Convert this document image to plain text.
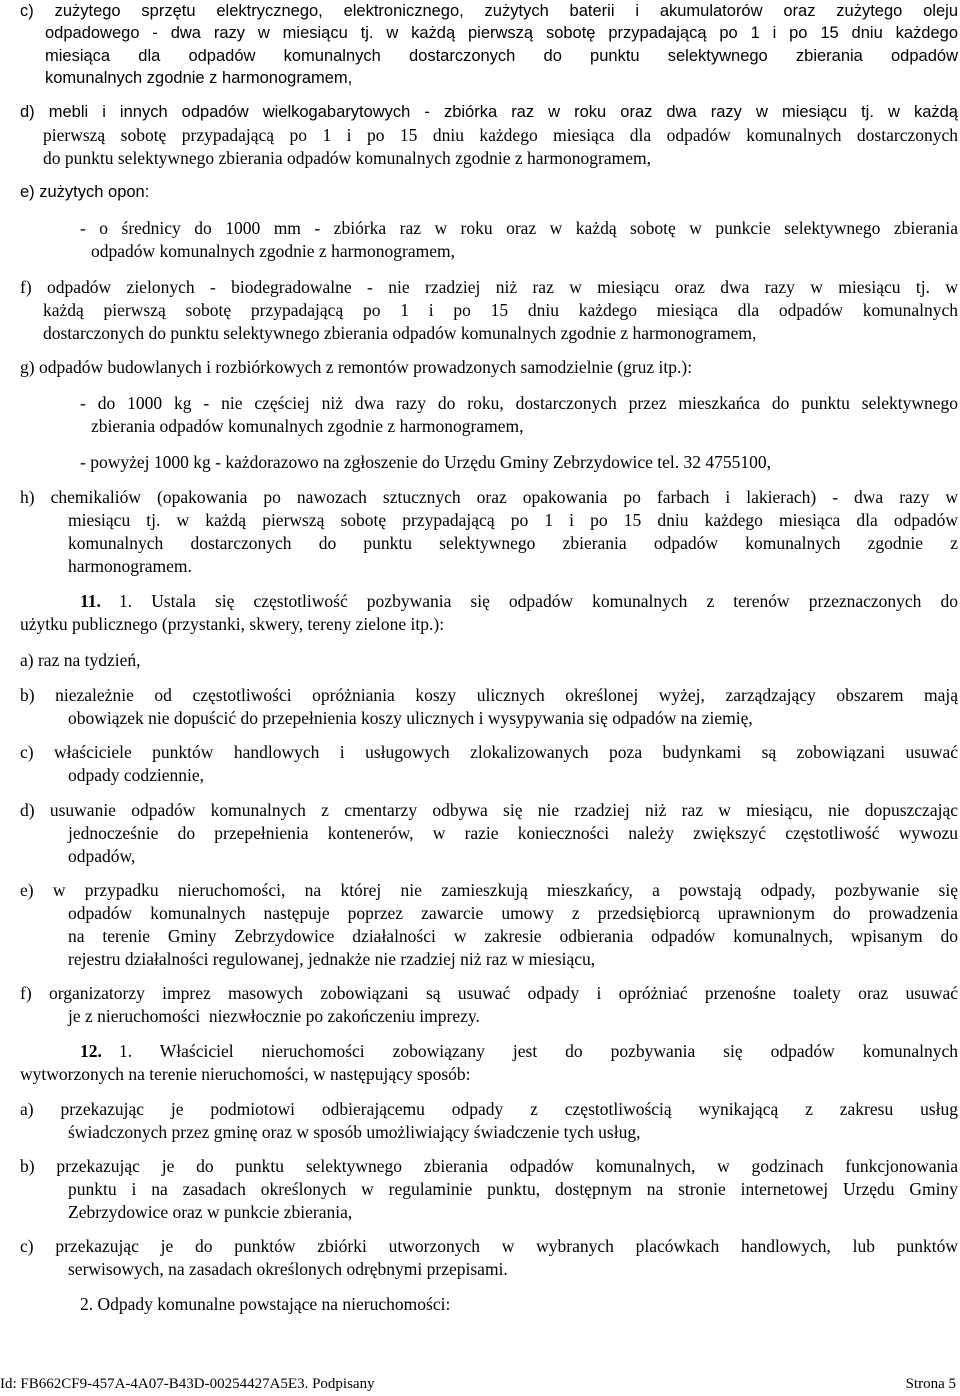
c) zużytego sprzętu elektrycznego, elektronicznego, zużytych baterii i akumulatorów oraz zużytego oleju
odpadowego - dwa razy w miesiącu tj. w każdą pierwszą sobotę przypadającą po 1 i po 15 dniu każdego
miesiąca dla odpadów komunalnych dostarczonych do punktu selektywnego zbierania odpadów
komunalnych zgodnie z harmonogramem,
d) mebli i innych odpadów wielkogabarytowych - zbiórka raz w roku oraz dwa razy w miesiącu tj. w każdą
pierwszą sobotę przypadającą po 1 i po 15 dniu każdego miesiąca dla odpadów komunalnych dostarczonych
do punktu selektywnego zbierania odpadów komunalnych zgodnie z harmonogramem,
e) zużytych opon:
- o średnicy do 1000 mm - zbiórka raz w roku oraz w każdą sobotę w punkcie selektywnego zbierania
odpadów komunalnych zgodnie z harmonogramem,
f) odpadów zielonych - biodegradowalne - nie rzadziej niż raz w miesiącu oraz dwa razy w miesiącu tj. w
każdą pierwszą sobotę przypadającą po 1 i po 15 dniu każdego miesiąca dla odpadów komunalnych
dostarczonych do punktu selektywnego zbierania odpadów komunalnych zgodnie z harmonogramem,
g) odpadów budowlanych i rozbiórkowych z remontów prowadzonych samodzielnie (gruz itp.):
- do 1000 kg - nie częściej niż dwa razy do roku, dostarczonych przez mieszkańca do punktu selektywnego
zbierania odpadów komunalnych zgodnie z harmonogramem,
- powyżej 1000 kg - każdorazowo na zgłoszenie do Urzędu Gminy Zebrzydowice tel. 32 4755100,
h) chemikaliów (opakowania po nawozach sztucznych oraz opakowania po farbach i lakierach) - dwa razy w
miesiącu tj. w każdą pierwszą sobotę przypadającą po 1 i po 15 dniu każdego miesiąca dla odpadów
komunalnych dostarczonych do punktu selektywnego zbierania odpadów komunalnych zgodnie z
harmonogramem.
11. 1. Ustala się częstotliwość pozbywania się odpadów komunalnych z terenów przeznaczonych do
użytku publicznego (przystanki, skwery, tereny zielone itp.):
a) raz na tydzień,
b) niezależnie od częstotliwości opróżniania koszy ulicznych określonej wyżej, zarządzający obszarem mają
obowiązek nie dopuścić do przepełnienia koszy ulicznych i wysypywania się odpadów na ziemię,
c) właściciele punktów handlowych i usługowych zlokalizowanych poza budynkami są zobowiązani usuwać
odpady codziennie,
d) usuwanie odpadów komunalnych z cmentarzy odbywa się nie rzadziej niż raz w miesiącu, nie dopuszczając
jednocześnie do przepełnienia kontenerów, w razie konieczności należy zwiększyć częstotliwość wywozu
odpadów,
e) w przypadku nieruchomości, na której nie zamieszkują mieszkańcy, a powstają odpady, pozbywanie się
odpadów komunalnych następuje poprzez zawarcie umowy z przedsiębiorcą uprawnionym do prowadzenia
na terenie Gminy Zebrzydowice działalności w zakresie odbierania odpadów komunalnych, wpisanym do
rejestru działalności regulowanej, jednakże nie rzadziej niż raz w miesiącu,
f) organizatorzy imprez masowych zobowiązani są usuwać odpady i opróżniać przenośne toalety oraz usuwać
je z nieruchomości  niezwłocznie po zakończeniu imprezy.
12. 1. Właściciel nieruchomości zobowiązany jest do pozbywania się odpadów komunalnych
wytworzonych na terenie nieruchomości, w następujący sposób:
a) przekazując je podmiotowi odbierającemu odpady z częstotliwością wynikającą z zakresu usług
świadczonych przez gminę oraz w sposób umożliwiający świadczenie tych usług,
b) przekazując je do punktu selektywnego zbierania odpadów komunalnych, w godzinach funkcjonowania
punktu i na zasadach określonych w regulaminie punktu, dostępnym na stronie internetowej Urzędu Gminy
Zebrzydowice oraz w punkcie zbierania,
c) przekazując je do punktów zbiórki utworzonych w wybranych placówkach handlowych, lub punktów
serwisowych, na zasadach określonych odrębnymi przepisami.
2. Odpady komunalne powstające na nieruchomości:
Id: FB662CF9-457A-4A07-B43D-00254427A5E3. Podpisany	Strona 5
